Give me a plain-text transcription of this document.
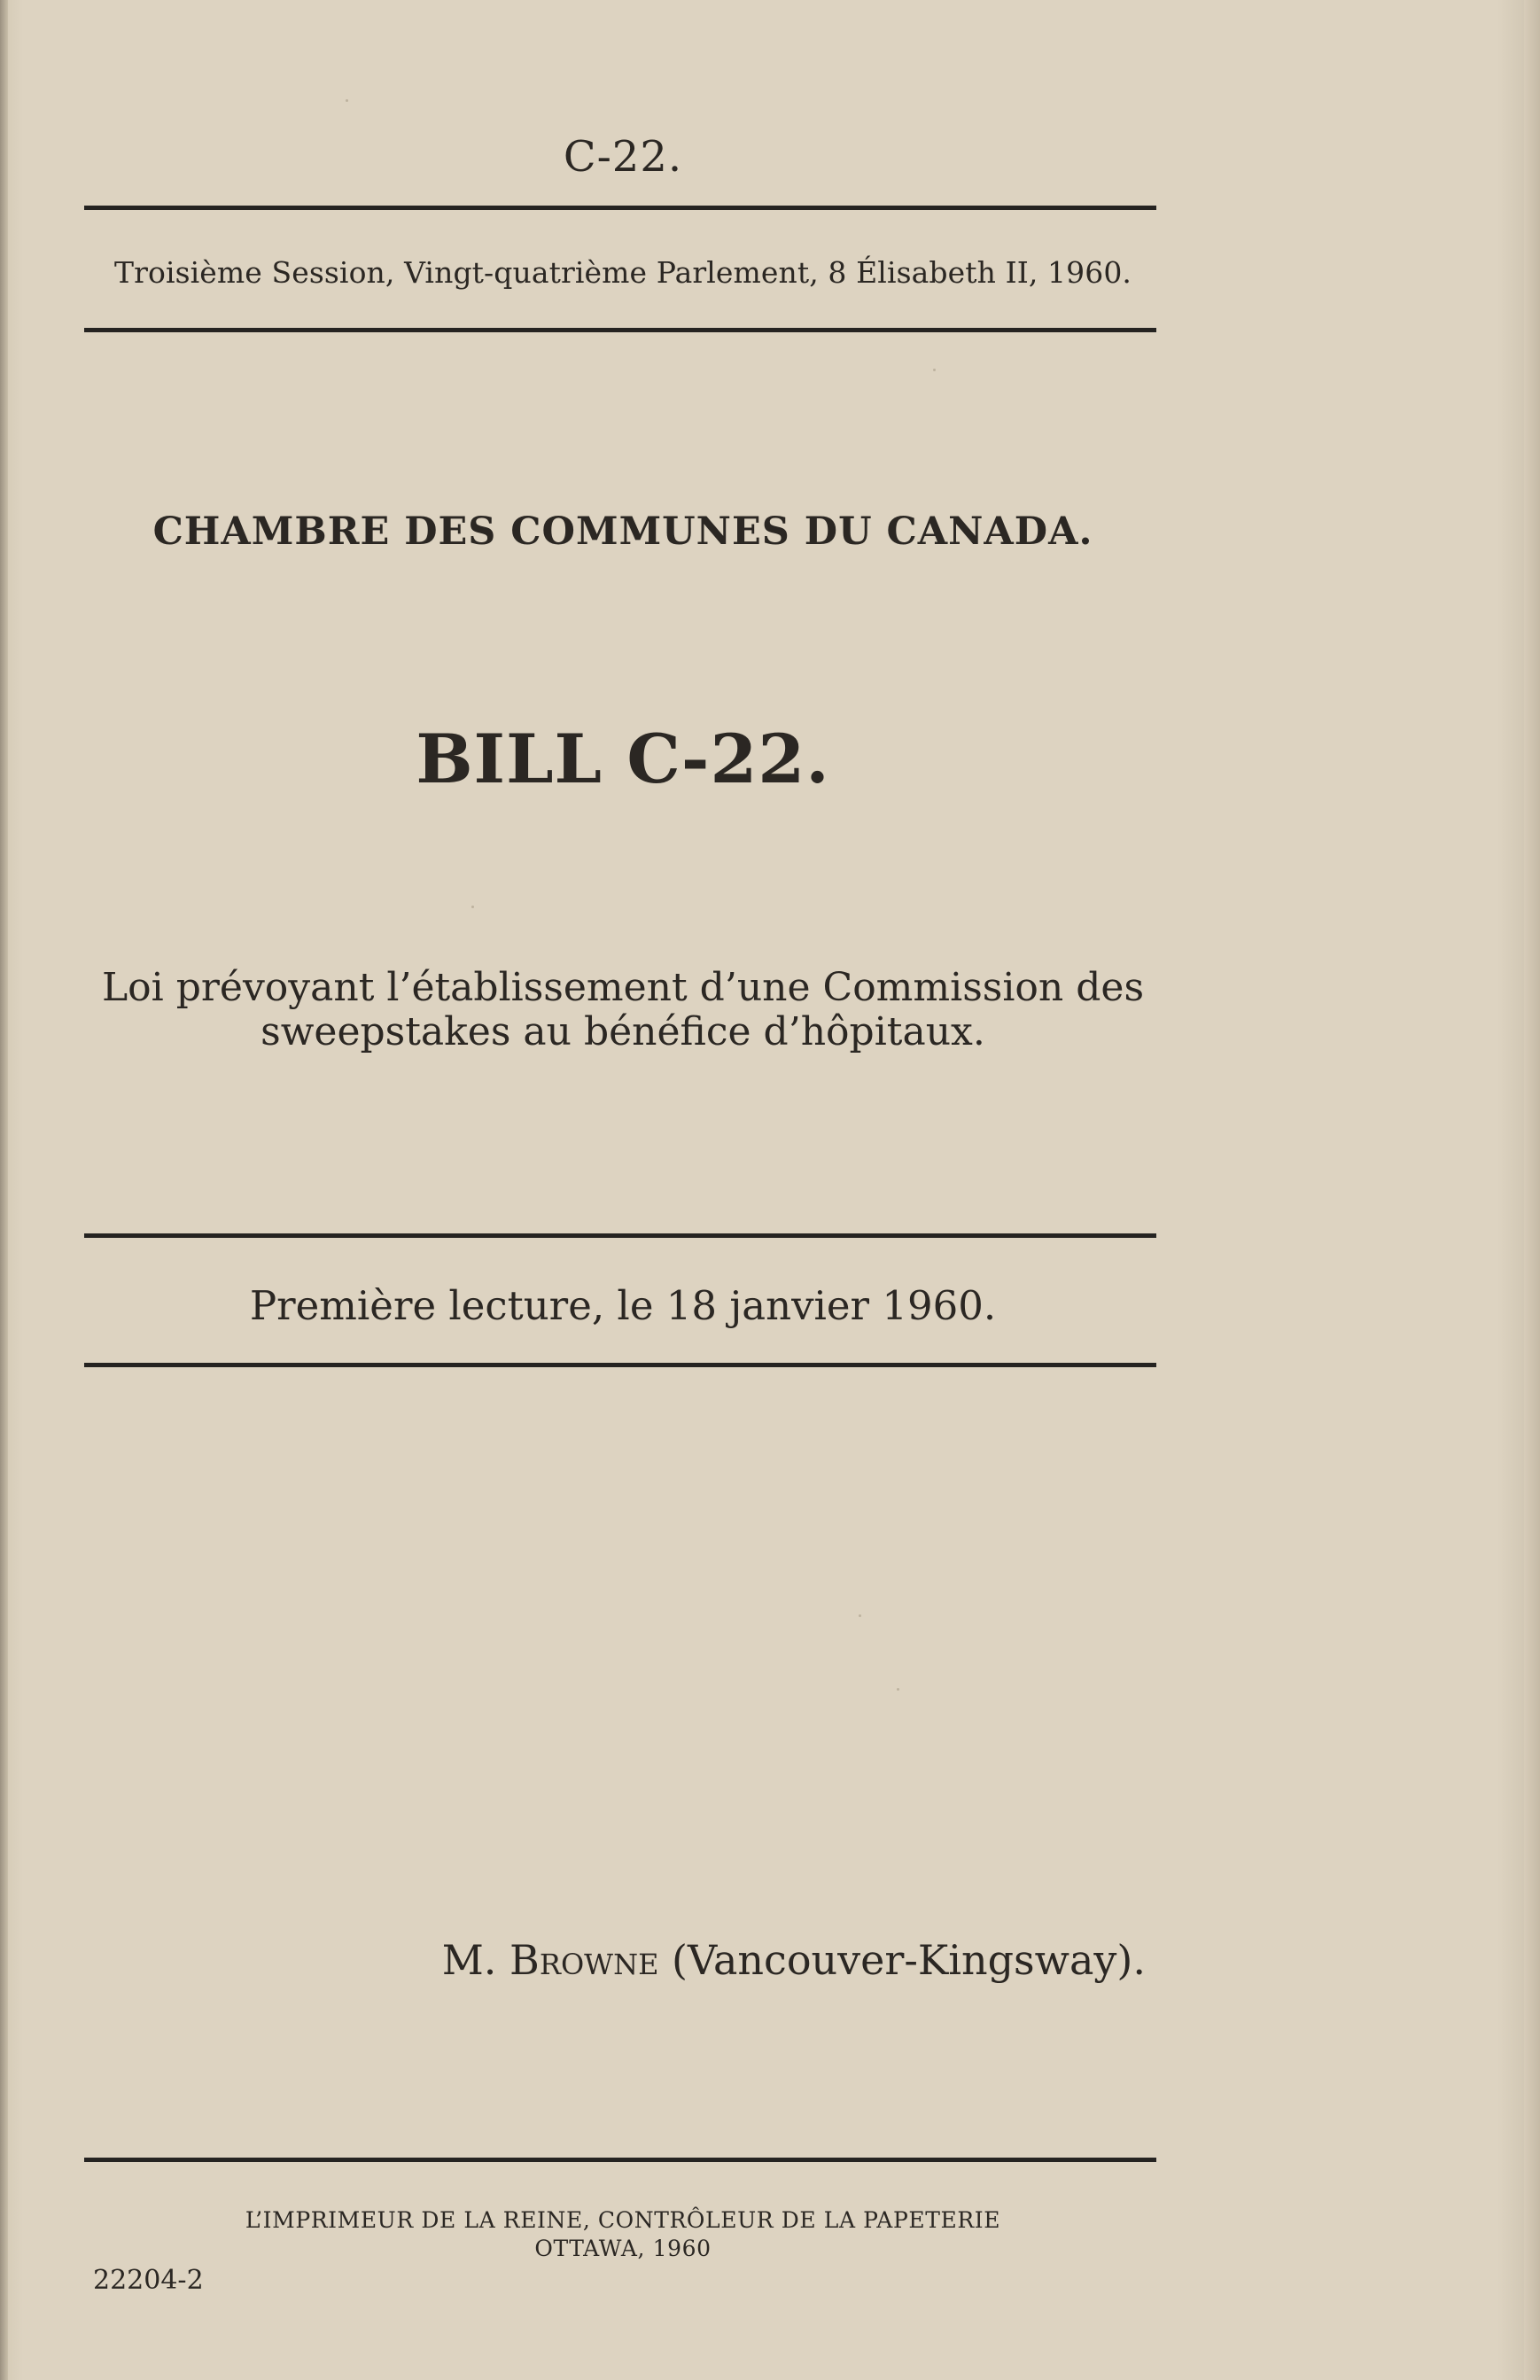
C-22.
Troisième Session, Vingt-quatrième Parlement, 8 Élisabeth II, 1960.
CHAMBRE DES COMMUNES DU CANADA.
BILL C-22.
Loi prévoyant l’établissement d’une Commission des
sweepstakes au bénéfice d’hôpitaux.
Première lecture, le 18 janvier 1960.
M. Browne (Vancouver-Kingsway).
L’IMPRIMEUR DE LA REINE, CONTRÔLEUR DE LA PAPETERIE
OTTAWA, 1960
22204-2
